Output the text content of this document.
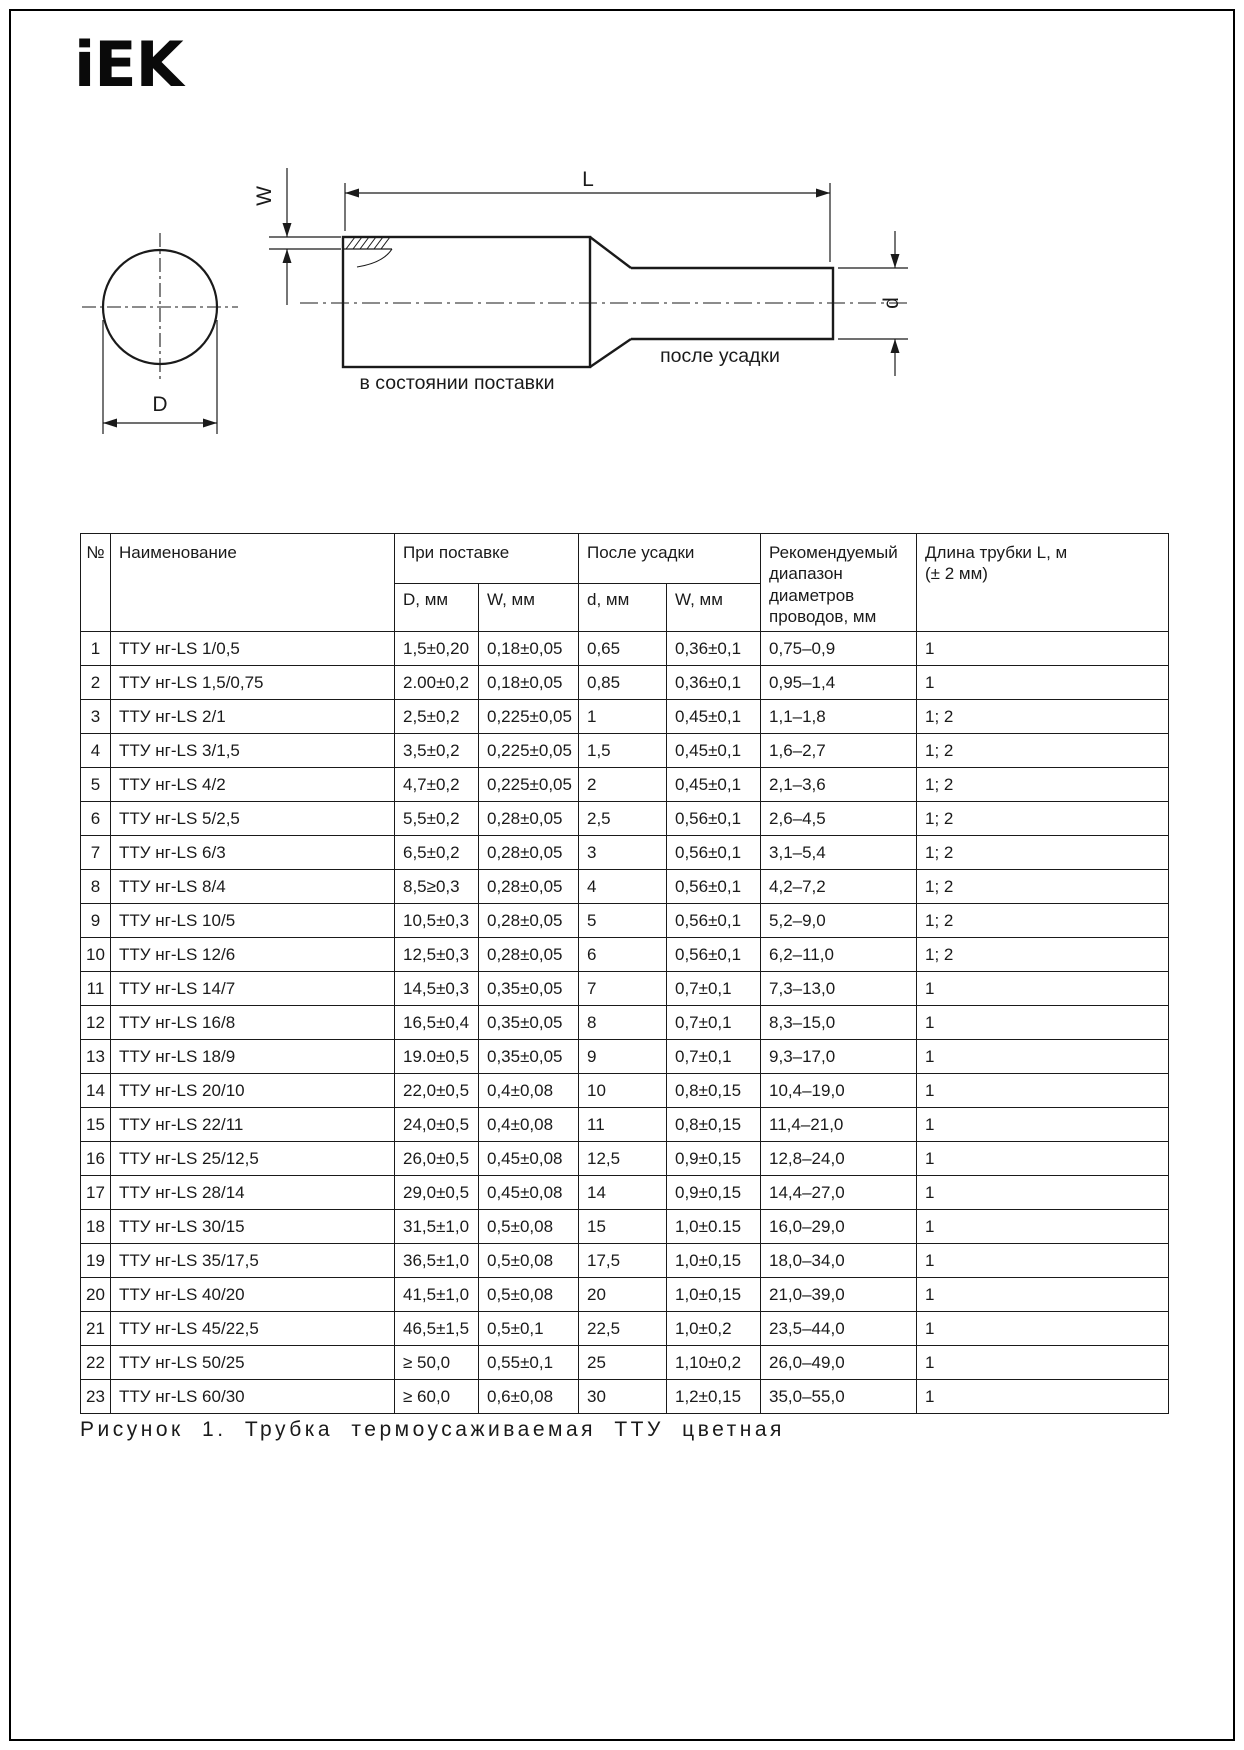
iEK
L
D
W
d
в состоянии поставки
после усадки
№	Наименование	При поставке		После усадки		Рекомендуемый диапазон диаметров проводов, мм	Длина трубки L, м
(± 2 мм)
		D, мм	W, мм	d, мм	W, мм		
1	ТТУ нг-LS 1/0,5	1,5±0,20	0,18±0,05	0,65	0,36±0,1	0,75–0,9	1
2	ТТУ нг-LS 1,5/0,75	2.00±0,2	0,18±0,05	0,85	0,36±0,1	0,95–1,4	1
3	ТТУ нг-LS 2/1	2,5±0,2	0,225±0,05	1	0,45±0,1	1,1–1,8	1; 2
4	ТТУ нг-LS 3/1,5	3,5±0,2	0,225±0,05	1,5	0,45±0,1	1,6–2,7	1; 2
5	ТТУ нг-LS 4/2	4,7±0,2	0,225±0,05	2	0,45±0,1	2,1–3,6	1; 2
6	ТТУ нг-LS 5/2,5	5,5±0,2	0,28±0,05	2,5	0,56±0,1	2,6–4,5	1; 2
7	ТТУ нг-LS 6/3	6,5±0,2	0,28±0,05	3	0,56±0,1	3,1–5,4	1; 2
8	ТТУ нг-LS 8/4	8,5≥0,3	0,28±0,05	4	0,56±0,1	4,2–7,2	1; 2
9	ТТУ нг-LS 10/5	10,5±0,3	0,28±0,05	5	0,56±0,1	5,2–9,0	1; 2
10	ТТУ нг-LS 12/6	12,5±0,3	0,28±0,05	6	0,56±0,1	6,2–11,0	1; 2
11	ТТУ нг-LS 14/7	14,5±0,3	0,35±0,05	7	0,7±0,1	7,3–13,0	1
12	ТТУ нг-LS 16/8	16,5±0,4	0,35±0,05	8	0,7±0,1	8,3–15,0	1
13	ТТУ нг-LS 18/9	19.0±0,5	0,35±0,05	9	0,7±0,1	9,3–17,0	1
14	ТТУ нг-LS 20/10	22,0±0,5	0,4±0,08	10	0,8±0,15	10,4–19,0	1
15	ТТУ нг-LS 22/11	24,0±0,5	0,4±0,08	11	0,8±0,15	11,4–21,0	1
16	ТТУ нг-LS 25/12,5	26,0±0,5	0,45±0,08	12,5	0,9±0,15	12,8–24,0	1
17	ТТУ нг-LS 28/14	29,0±0,5	0,45±0,08	14	0,9±0,15	14,4–27,0	1
18	ТТУ нг-LS 30/15	31,5±1,0	0,5±0,08	15	1,0±0.15	16,0–29,0	1
19	ТТУ нг-LS 35/17,5	36,5±1,0	0,5±0,08	17,5	1,0±0,15	18,0–34,0	1
20	ТТУ нг-LS 40/20	41,5±1,0	0,5±0,08	20	1,0±0,15	21,0–39,0	1
21	ТТУ нг-LS 45/22,5	46,5±1,5	0,5±0,1	22,5	1,0±0,2	23,5–44,0	1
22	ТТУ нг-LS 50/25	≥ 50,0	0,55±0,1	25	1,10±0,2	26,0–49,0	1
23	ТТУ нг-LS 60/30	≥ 60,0	0,6±0,08	30	1,2±0,15	35,0–55,0	1
Рисунок 1. Трубка термоусаживаемая ТТУ цветная
